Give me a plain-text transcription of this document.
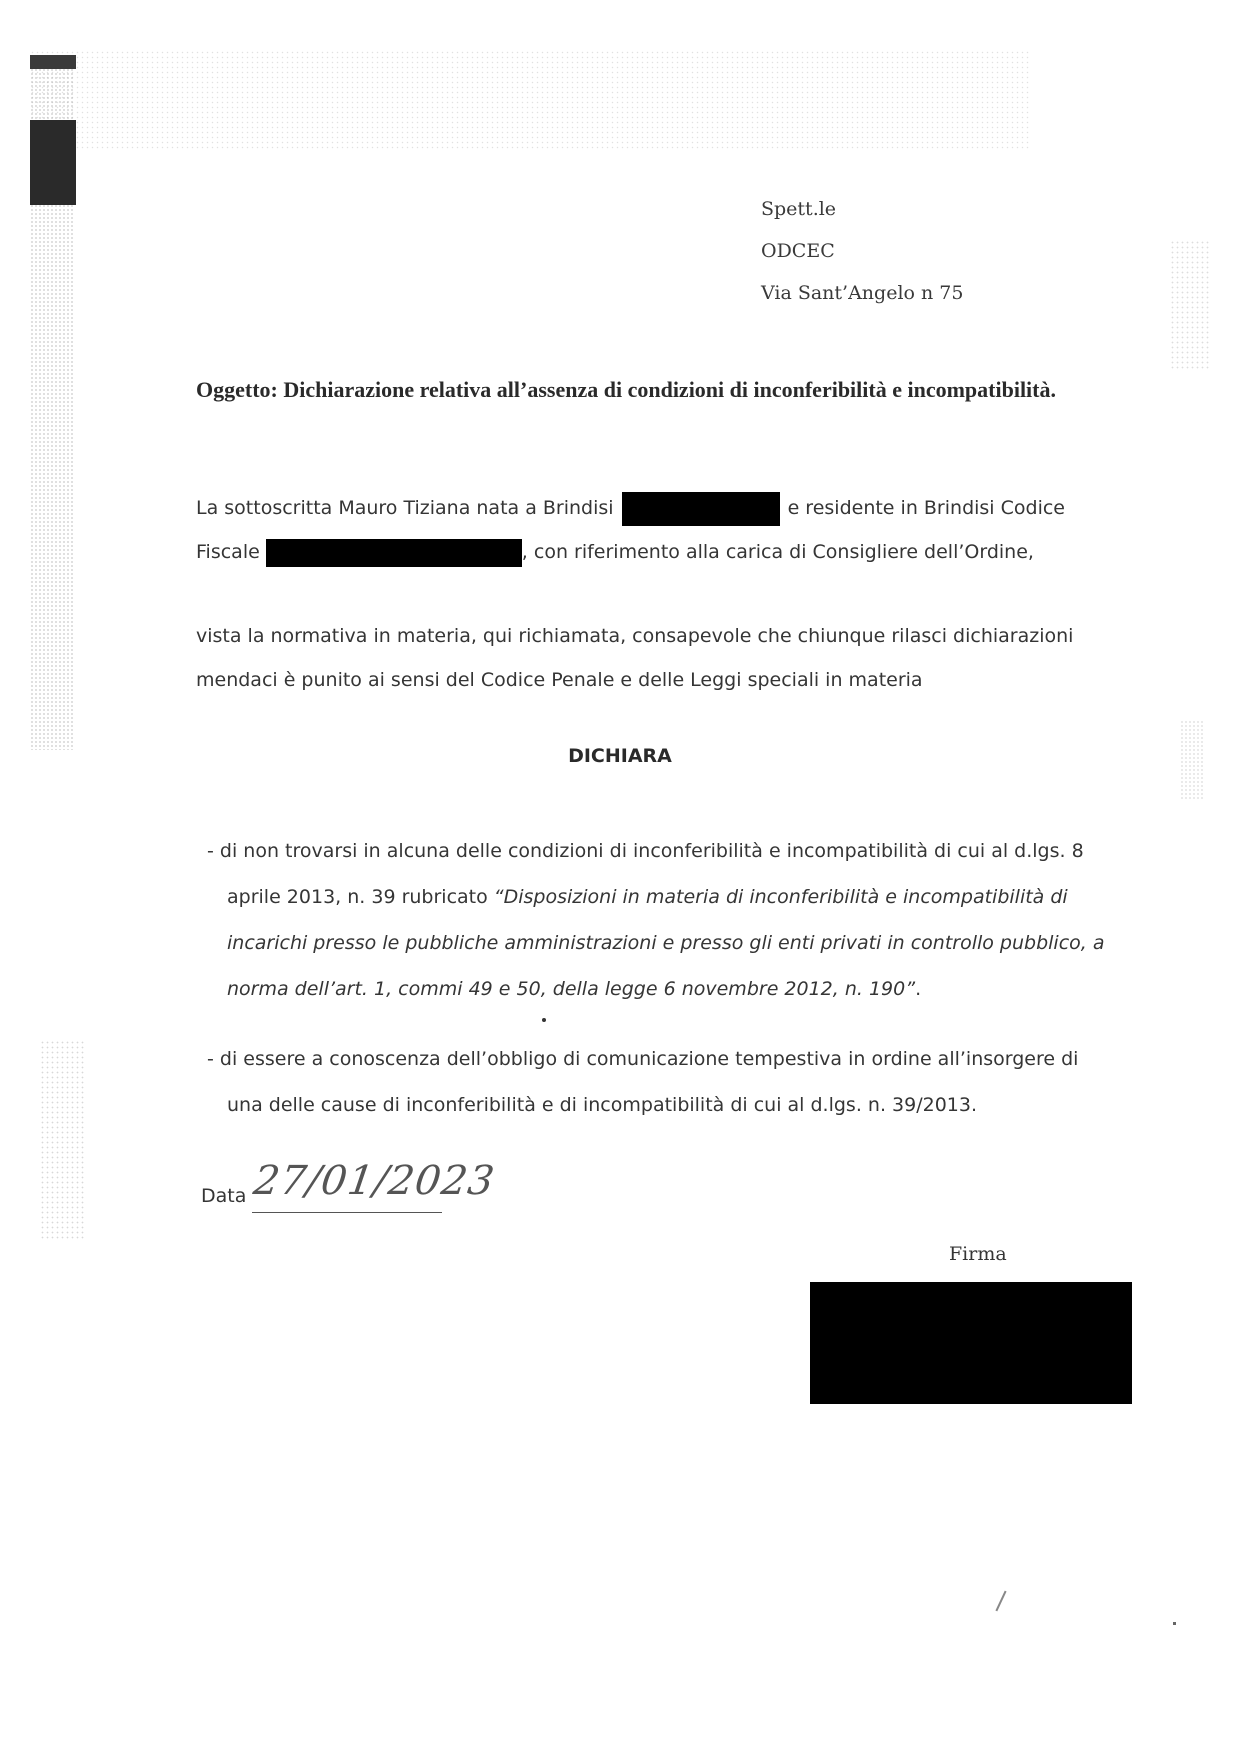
Spett.le
ODCEC
Via Sant’Angelo n 75
Oggetto: Dichiarazione relativa all’assenza di condizioni di inconferibilità e incompatibilità.
La sottoscritta Mauro Tiziana nata a Brindisi	e residente in Brindisi Codice
Fiscale	, con riferimento alla carica di Consigliere dell’Ordine,
vista la normativa in materia, qui richiamata, consapevole che chiunque rilasci dichiarazioni
mendaci è punito ai sensi del Codice Penale e delle Leggi speciali in materia
DICHIARA
- di non trovarsi in alcuna delle condizioni di inconferibilità e incompatibilità di cui al d.lgs. 8
aprile 2013, n. 39 rubricato “Disposizioni in materia di inconferibilità e incompatibilità di
incarichi presso le pubbliche amministrazioni e presso gli enti privati in controllo pubblico, a
norma dell’art. 1, commi 49 e 50, della legge 6 novembre 2012, n. 190”.
- di essere a conoscenza dell’obbligo di comunicazione tempestiva in ordine all’insorgere di
una delle cause di inconferibilità e di incompatibilità di cui al d.lgs. n. 39/2013.
Data 27/01/2023
Firma
